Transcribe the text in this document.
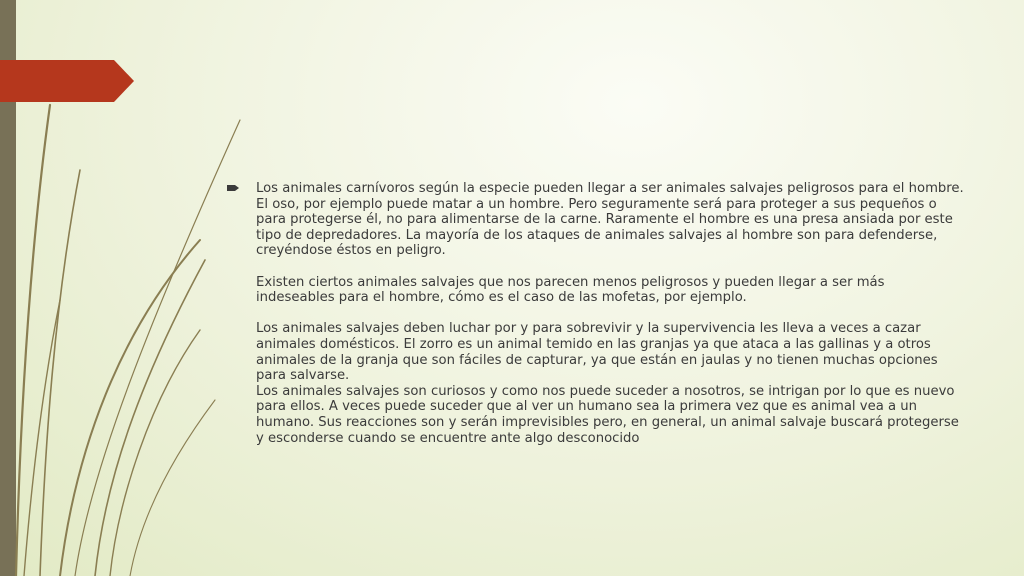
Los animales carnívoros según la especie pueden llegar a ser animales salvajes peligrosos para el hombre. El oso, por ejemplo puede matar a un hombre. Pero seguramente será para proteger a sus pequeños o para protegerse él, no para alimentarse de la carne. Raramente el hombre es una presa ansiada por este tipo de depredadores. La mayoría de los ataques de animales salvajes al hombre son para defenderse, creyéndose éstos en peligro.

Existen ciertos animales salvajes que nos parecen menos peligrosos y pueden llegar a ser más indeseables para el hombre, cómo es el caso de las mofetas, por ejemplo.

Los animales salvajes deben luchar por y para sobrevivir y la supervivencia les lleva a veces a cazar animales domésticos. El zorro es un animal temido en las granjas ya que ataca a las gallinas y a otros animales de la granja que son fáciles de capturar, ya que están en jaulas y no tienen muchas opciones para salvarse.

Los animales salvajes son curiosos y como nos puede suceder a nosotros, se intrigan por lo que es nuevo para ellos. A veces puede suceder que al ver un humano sea la primera vez que es animal vea a un humano. Sus reacciones son y serán imprevisibles pero, en general, un animal salvaje buscará protegerse y esconderse cuando se encuentre ante algo desconocido
